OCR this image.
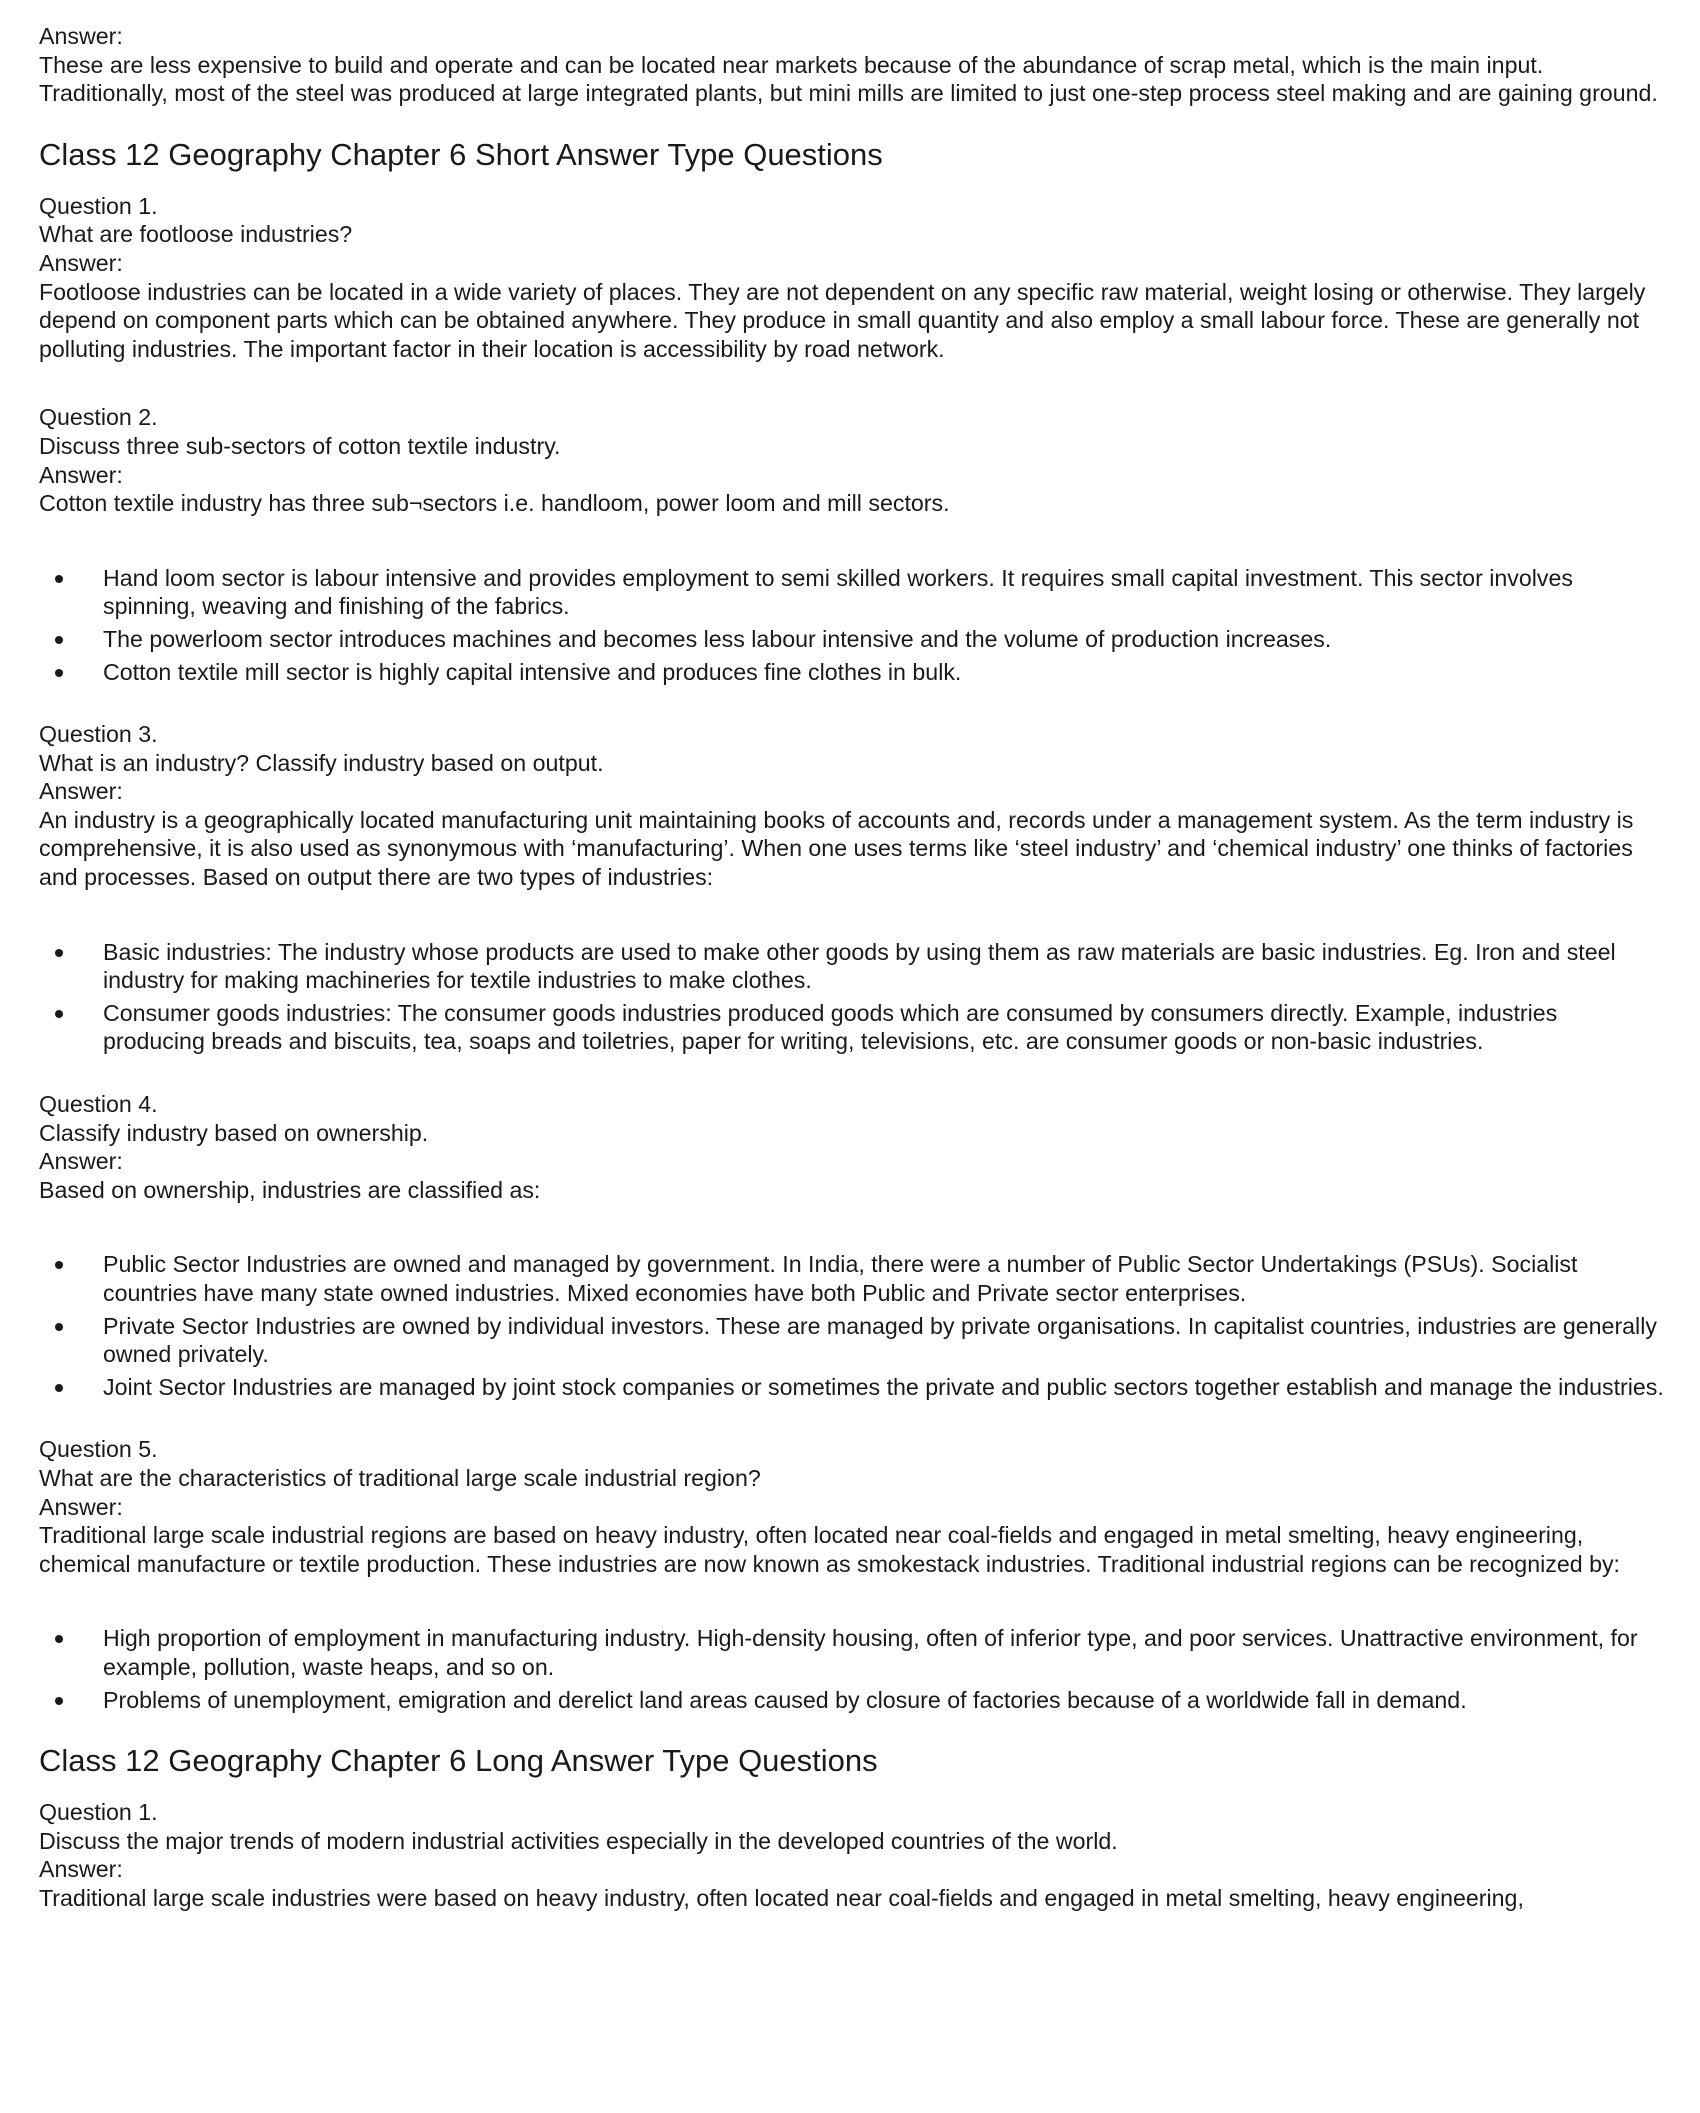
Answer:

These are less expensive to build and operate and can be located near markets because of the abundance of scrap metal, which is the main input. Traditionally, most of the steel was produced at large integrated plants, but mini mills are limited to just one-step process steel making and are gaining ground.

Class 12 Geography Chapter 6 Short Answer Type Questions

Question 1.

What are footloose industries?

Answer:

Footloose industries can be located in a wide variety of places. They are not dependent on any specific raw material, weight losing or otherwise. They largely depend on component parts which can be obtained anywhere. They produce in small quantity and also employ a small labour force. These are generally not polluting industries. The important factor in their location is accessibility by road network.

Question 2.

Discuss three sub-sectors of cotton textile industry.

Answer:

Cotton textile industry has three sub¬sectors i.e. handloom, power loom and mill sectors.

Hand loom sector is labour intensive and provides employment to semi skilled workers. It requires small capital investment. This sector involves spinning, weaving and finishing of the fabrics.
The powerloom sector introduces machines and becomes less labour intensive and the volume of production increases.
Cotton textile mill sector is highly capital intensive and produces fine clothes in bulk.

Question 3.

What is an industry? Classify industry based on output.

Answer:

An industry is a geographically located manufacturing unit maintaining books of accounts and, records under a management system. As the term industry is comprehensive, it is also used as synonymous with ‘manufacturing’. When one uses terms like ‘steel industry’ and ‘chemical industry’ one thinks of factories and processes. Based on output there are two types of industries:

Basic industries: The industry whose products are used to make other goods by using them as raw materials are basic industries. Eg. Iron and steel industry for making machineries for textile industries to make clothes.
Consumer goods industries: The consumer goods industries produced goods which are consumed by consumers directly. Example, industries producing breads and biscuits, tea, soaps and toiletries, paper for writing, televisions, etc. are consumer goods or non-basic industries.

Question 4.

Classify industry based on ownership.

Answer:

Based on ownership, industries are classified as:

Public Sector Industries are owned and managed by government. In India, there were a number of Public Sector Undertakings (PSUs). Socialist countries have many state owned industries. Mixed economies have both Public and Private sector enterprises.
Private Sector Industries are owned by individual investors. These are managed by private organisations. In capitalist countries, industries are generally owned privately.
Joint Sector Industries are managed by joint stock companies or sometimes the private and public sectors together establish and manage the industries.

Question 5.

What are the characteristics of traditional large scale industrial region?

Answer:

Traditional large scale industrial regions are based on heavy industry, often located near coal-fields and engaged in metal smelting, heavy engineering, chemical manufacture or textile production. These industries are now known as smokestack industries. Traditional industrial regions can be recognized by:

High proportion of employment in manufacturing industry. High-density housing, often of inferior type, and poor services. Unattractive environment, for example, pollution, waste heaps, and so on.
Problems of unemployment, emigration and derelict land areas caused by closure of factories because of a worldwide fall in demand.
Class 12 Geography Chapter 6 Long Answer Type Questions

Question 1.

Discuss the major trends of modern industrial activities especially in the developed countries of the world.

Answer:

Traditional large scale industries were based on heavy industry, often located near coal-fields and engaged in metal smelting, heavy engineering,
